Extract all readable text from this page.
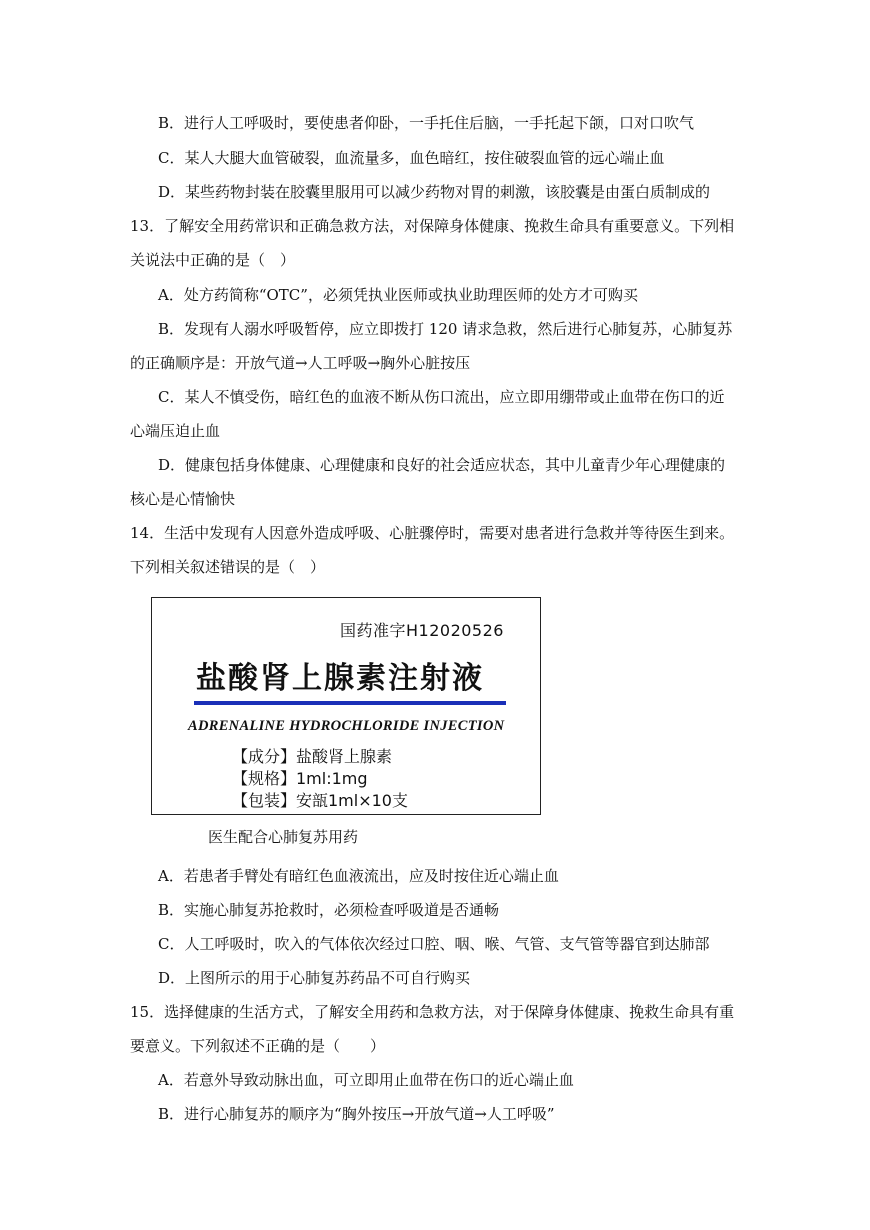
B．进行人工呼吸时，要使患者仰卧，一手托住后脑，一手托起下颌，口对口吹气
C．某人大腿大血管破裂，血流量多，血色暗红，按住破裂血管的远心端止血
D．某些药物封装在胶囊里服用可以减少药物对胃的刺激，该胶囊是由蛋白质制成的
13．了解安全用药常识和正确急救方法，对保障身体健康、挽救生命具有重要意义。下列相
关说法中正确的是（　）
A．处方药简称“OTC”，必须凭执业医师或执业助理医师的处方才可购买
B．发现有人溺水呼吸暂停，应立即拨打 120 请求急救，然后进行心肺复苏，心肺复苏
的正确顺序是：开放气道→人工呼吸→胸外心脏按压
C．某人不慎受伤，暗红色的血液不断从伤口流出，应立即用绷带或止血带在伤口的近
心端压迫止血
D．健康包括身体健康、心理健康和良好的社会适应状态，其中儿童青少年心理健康的
核心是心情愉快
14．生活中发现有人因意外造成呼吸、心脏骤停时，需要对患者进行急救并等待医生到来。
下列相关叙述错误的是（　）
国药准字H12020526
盐酸肾上腺素注射液
ADRENALINE HYDROCHLORIDE INJECTION
【成分】盐酸肾上腺素
【规格】1ml:1mg
【包装】安瓿1ml×10支
医生配合心肺复苏用药
A．若患者手臂处有暗红色血液流出，应及时按住近心端止血
B．实施心肺复苏抢救时，必须检查呼吸道是否通畅
C．人工呼吸时，吹入的气体依次经过口腔、咽、喉、气管、支气管等器官到达肺部
D．上图所示的用于心肺复苏药品不可自行购买
15．选择健康的生活方式，了解安全用药和急救方法，对于保障身体健康、挽救生命具有重
要意义。下列叙述不正确的是（　　）
A．若意外导致动脉出血，可立即用止血带在伤口的近心端止血
B．进行心肺复苏的顺序为“胸外按压→开放气道→人工呼吸”
